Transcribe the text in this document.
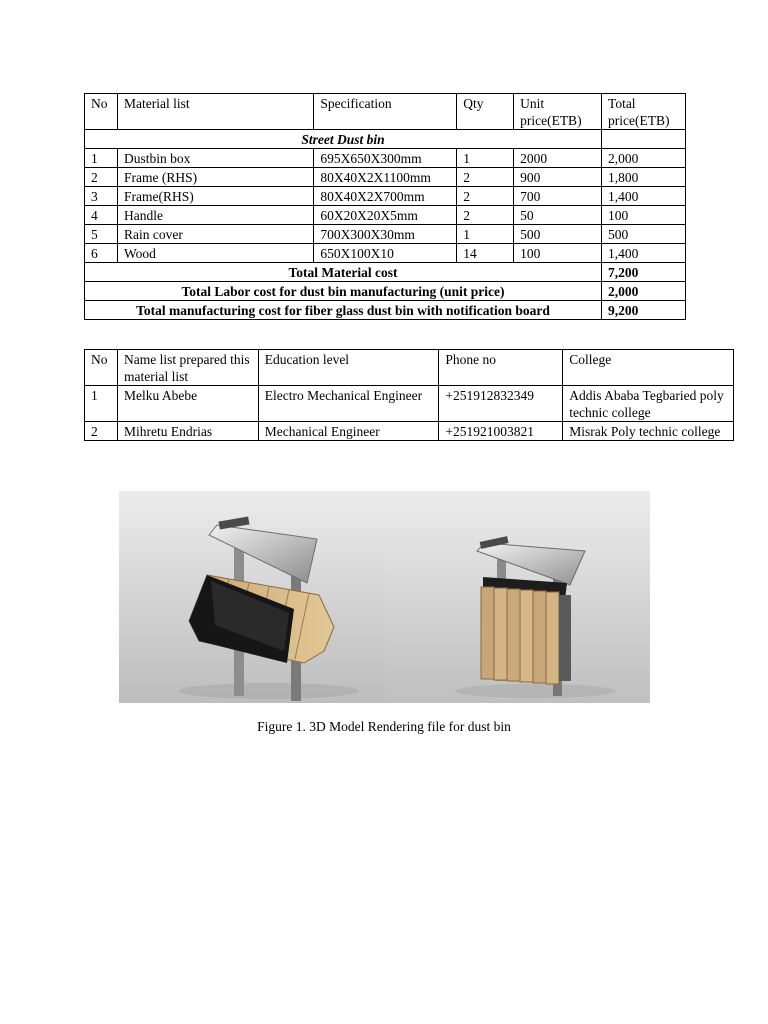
No	Material list	Specification	Qty	Unit price(ETB)	Total price(ETB)
Street Dust bin					
1	Dustbin box	695X650X300mm	1	2000	2,000
2	Frame (RHS)	80X40X2X1100mm	2	900	1,800
3	Frame(RHS)	80X40X2X700mm	2	700	1,400
4	Handle	60X20X20X5mm	2	50	100
5	Rain cover	700X300X30mm	1	500	500
6	Wood	650X100X10	14	100	1,400
Total Material cost					7,200
Total Labor cost for dust bin manufacturing (unit price)					2,000
Total manufacturing cost for fiber glass dust bin with notification board					9,200
No	Name list prepared this material list	Education level	Phone no	College
1	Melku Abebe	Electro Mechanical Engineer	+251912832349	Addis Ababa Tegbaried poly technic college
2	Mihretu Endrias	Mechanical Engineer	+251921003821	Misrak Poly technic college
Figure 1. 3D Model Rendering file for dust bin
